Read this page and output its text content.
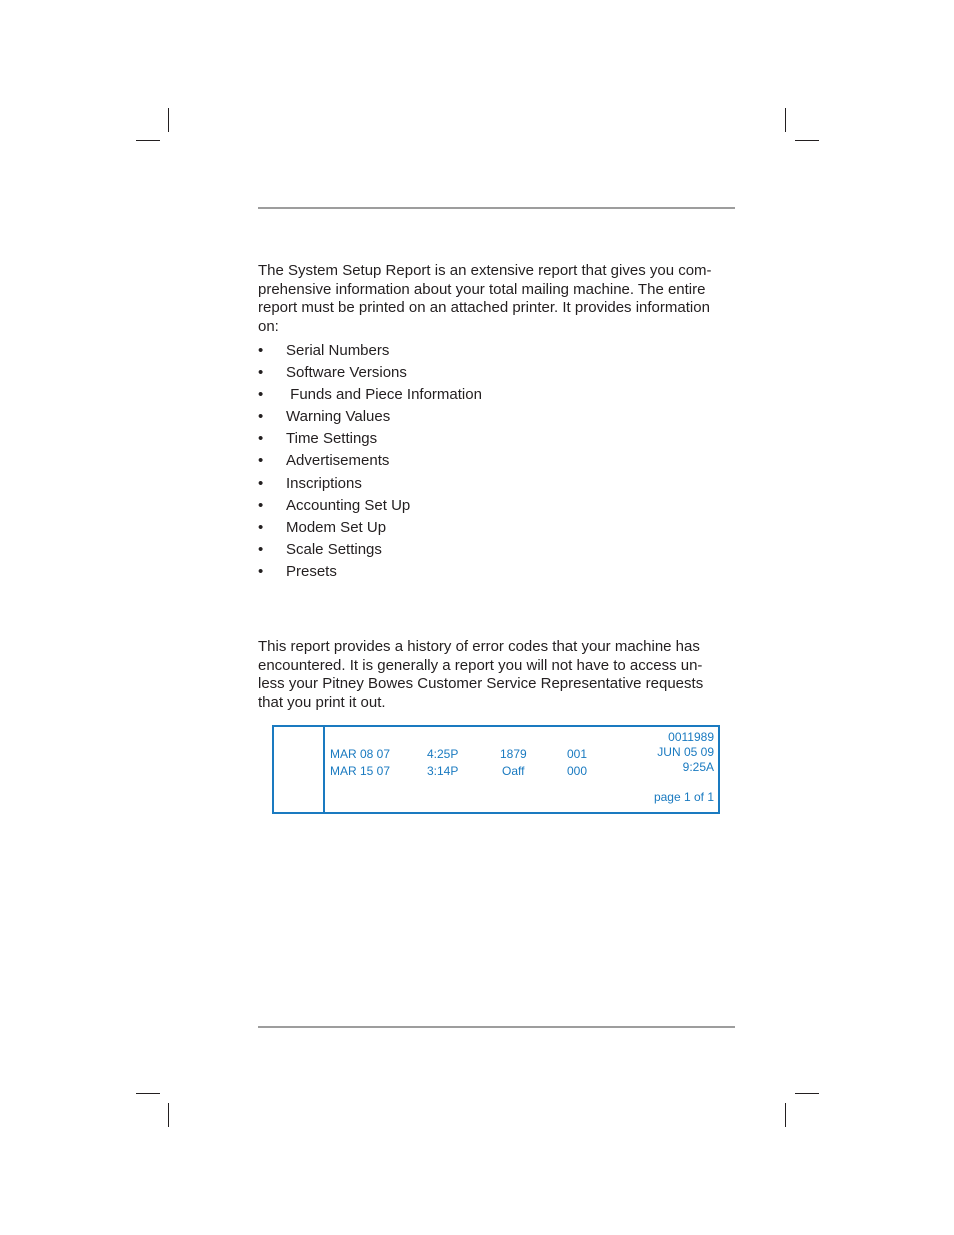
The System Setup Report is an extensive report that gives you com-
prehensive information about your total mailing machine. The entire
report must be printed on an attached printer. It provides information
on:
• Serial Numbers
• Software Versions
• Funds and Piece Information
• Warning Values
• Time Settings
• Advertisements
• Inscriptions
• Accounting Set Up
• Modem Set Up
• Scale Settings
• Presets
This report provides a history of error codes that your machine has
encountered. It is generally a report you will not have to access un-
less your Pitney Bowes Customer Service Representative requests
that you print it out.
MAR 08 07	4:25P	1879	001
MAR 15 07	3:14P	Oaff	000
0011989
JUN 05 09
9:25A
page 1 of 1
